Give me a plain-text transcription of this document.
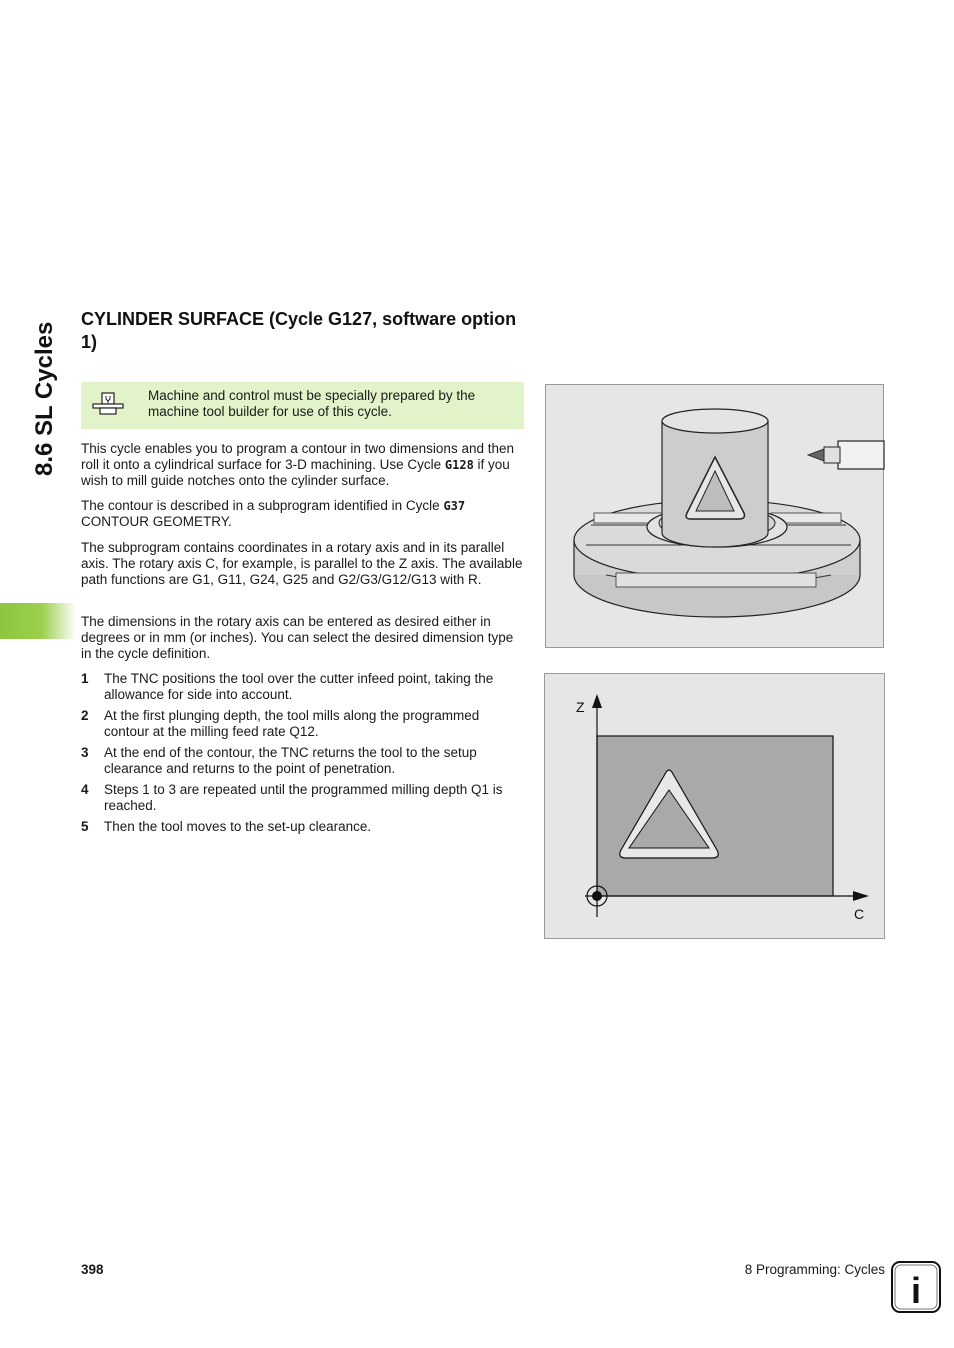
8.6 SL Cycles
CYLINDER SURFACE (Cycle G127, software option 1)
Machine and control must be specially prepared by the machine tool builder for use of this cycle.

This cycle enables you to program a contour in two dimensions and then roll it onto a cylindrical surface for 3-D machining. Use Cycle G128 if you wish to mill guide notches onto the cylinder surface.

The contour is described in a subprogram identified in Cycle G37 CONTOUR GEOMETRY.

The subprogram contains coordinates in a rotary axis and in its parallel axis. The rotary axis C, for example, is parallel to the Z axis. The available path functions are G1, G11, G24, G25 and G2/G3/G12/G13 with R.

The dimensions in the rotary axis can be entered as desired either in degrees or in mm (or inches). You can select the desired dimension type in the cycle definition.

1	The TNC positions the tool over the cutter infeed point, taking the allowance for side into account.
2	At the first plunging depth, the tool mills along the programmed contour at the milling feed rate Q12.
3	At the end of the contour, the TNC returns the tool to the setup clearance and returns to the point of penetration.
4	Steps 1 to 3 are repeated until the programmed milling depth Q1 is reached.
5	Then the tool moves to the set-up clearance.
Z
C
398	8 Programming: Cycles
i
